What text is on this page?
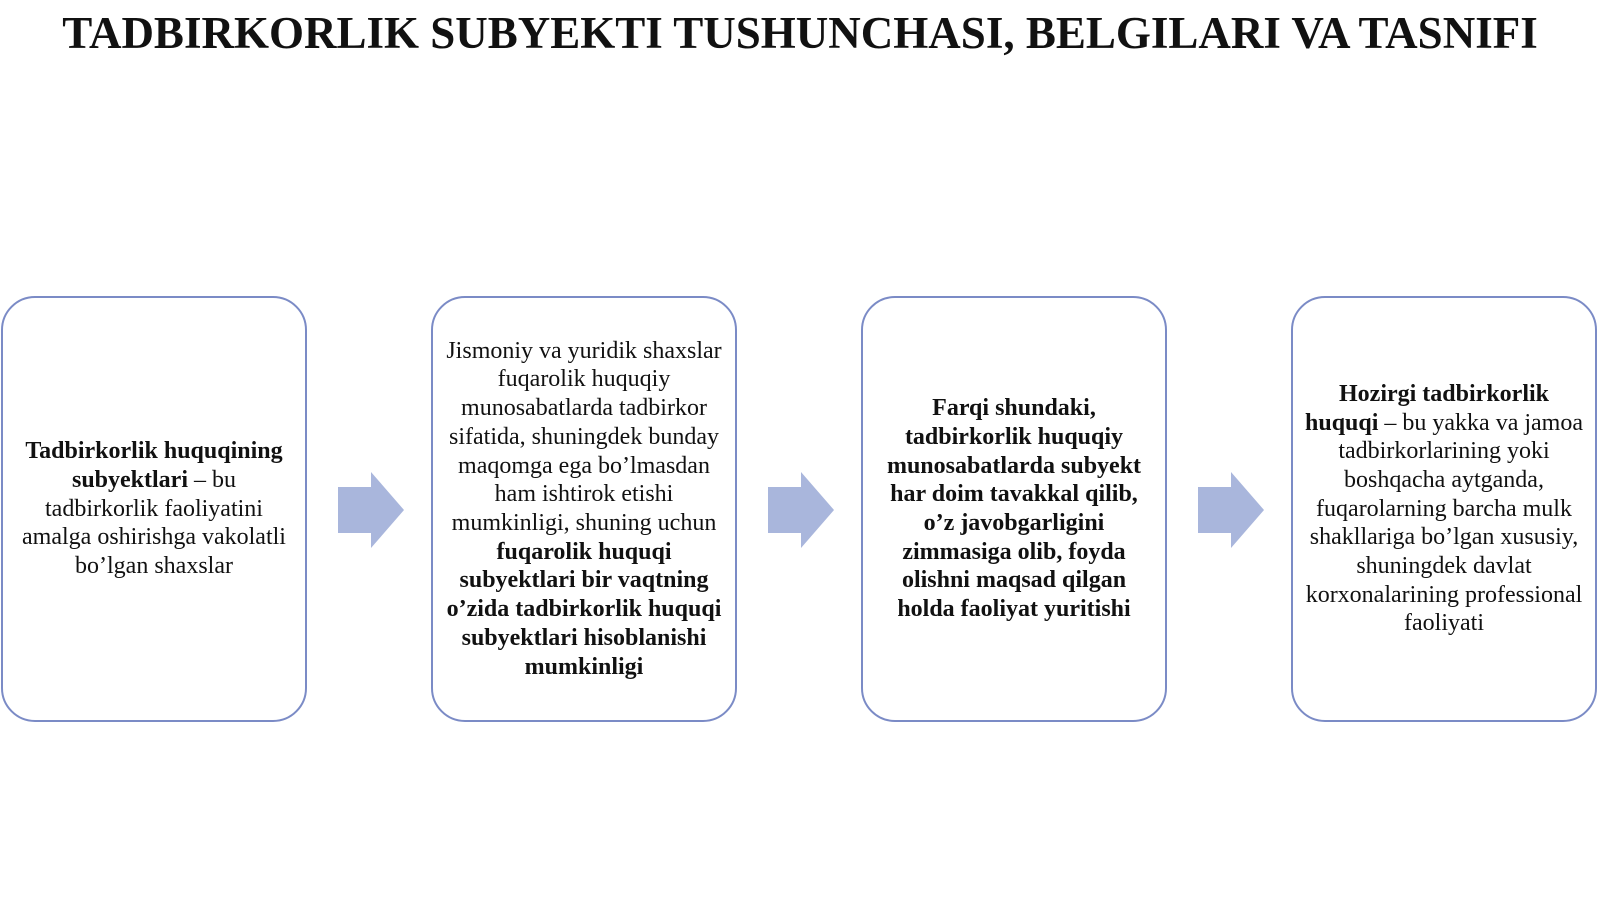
TADBIRKORLIK SUBYEKTI TUSHUNCHASI, BELGILARI VA TASNIFI
Tadbirkorlik huquqining subyektlari – bu tadbirkorlik faoliyatini amalga oshirishga vakolatli bo’lgan shaxslar
Jismoniy va yuridik shaxslar fuqarolik huquqiy munosabatlarda tadbirkor sifatida, shuningdek bunday maqomga ega bo’lmasdan ham ishtirok etishi mumkinligi, shuning uchun fuqarolik huquqi subyektlari bir vaqtning o’zida tadbirkorlik huquqi subyektlari hisoblanishi mumkinligi
Farqi shundaki, tadbirkorlik huquqiy munosabatlarda subyekt har doim tavakkal qilib, o’z javobgarligini zimmasiga olib, foyda olishni maqsad qilgan holda faoliyat yuritishi
Hozirgi tadbirkorlik huquqi – bu yakka va jamoa tadbirkorlarining yoki boshqacha aytganda, fuqarolarning barcha mulk shakllariga bo’lgan xususiy, shuningdek davlat korxonalarining professional faoliyati
